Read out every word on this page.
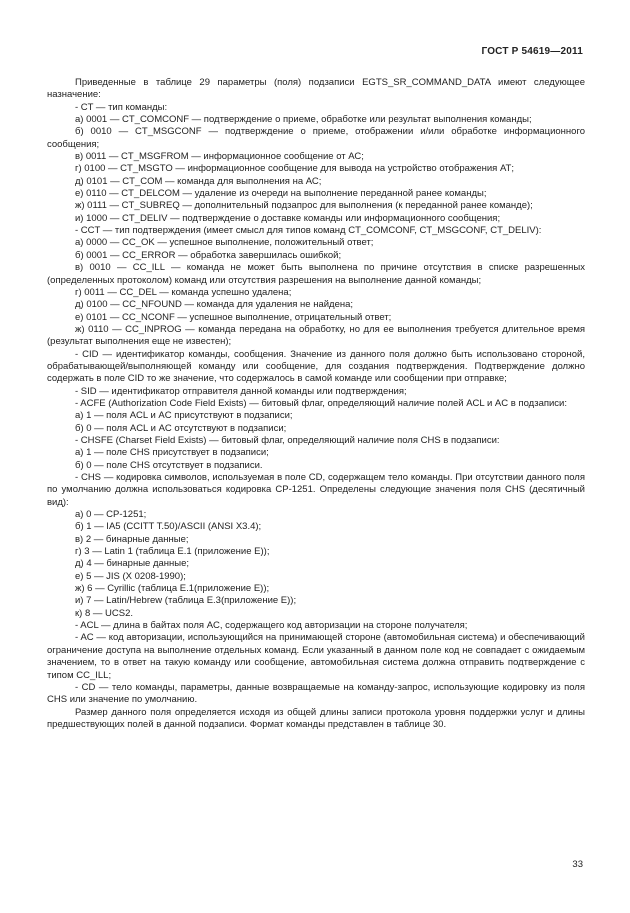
ГОСТ Р 54619—2011

Приведенные в таблице 29 параметры (поля) подзаписи EGTS_SR_COMMAND_DATA имеют следующее назначение:

- CT — тип команды:

а) 0001 — CT_COMCONF — подтверждение о приеме, обработке или результат выполнения команды;

б) 0010 — CT_MSGCONF — подтверждение о приеме, отображении и/или обработке информационного сообщения;

в) 0011 — CT_MSGFROM — информационное сообщение от АС;

г) 0100 — CT_MSGTO — информационное сообщение для вывода на устройство отображения АТ;

д) 0101 — CT_COM — команда для выполнения на АС;

е) 0110 — CT_DELCOM — удаление из очереди на выполнение переданной ранее команды;

ж) 0111 — CT_SUBREQ — дополнительный подзапрос для выполнения (к переданной ранее команде);

и) 1000 — CT_DELIV — подтверждение о доставке команды или информационного сообщения;

- CCT — тип подтверждения (имеет смысл для типов команд CT_COMCONF, CT_MSGCONF, CT_DELIV):

а) 0000 — CC_OK — успешное выполнение, положительный ответ;

б) 0001 — CC_ERROR — обработка завершилась ошибкой;

в) 0010 — CC_ILL — команда не может быть выполнена по причине отсутствия в списке разрешенных (определенных протоколом) команд или отсутствия разрешения на выполнение данной команды;

г) 0011 — CC_DEL — команда успешно удалена;

д) 0100 — CC_NFOUND — команда для удаления не найдена;

е) 0101 — CC_NCONF — успешное выполнение, отрицательный ответ;

ж) 0110 — CC_INPROG — команда передана на обработку, но для ее выполнения требуется длительное время (результат выполнения еще не известен);

- CID — идентификатор команды, сообщения. Значение из данного поля должно быть использовано стороной, обрабатывающей/выполняющей команду или сообщение, для создания подтверждения. Подтверждение должно содержать в поле CID то же значение, что содержалось в самой команде или сообщении при отправке;

- SID — идентификатор отправителя данной команды или подтверждения;

- ACFE (Authorization Code Field Exists) — битовый флаг, определяющий наличие полей ACL и AC в подзаписи:

а) 1 — поля ACL и AC присутствуют в подзаписи;

б) 0 — поля ACL и AC отсутствуют в подзаписи;

- CHSFE (Charset Field Exists) — битовый флаг, определяющий наличие поля CHS в подзаписи:

а) 1 — поле CHS присутствует в подзаписи;

б) 0 — поле CHS отсутствует в подзаписи.

- CHS — кодировка символов, используемая в поле CD, содержащем тело команды. При отсутствии данного поля по умолчанию должна использоваться кодировка CP-1251. Определены следующие значения поля CHS (десятичный вид):

а) 0 — CP-1251;

б) 1 — IA5 (CCITT T.50)/ASCII (ANSI X3.4);

в) 2 — бинарные данные;

г) 3 — Latin 1 (таблица Е.1 (приложение Е));

д) 4 — бинарные данные;

е) 5 — JIS (X 0208-1990);

ж) 6 — Cyrillic (таблица Е.1(приложение Е));

и) 7 — Latin/Hebrew (таблица Е.3(приложение Е));

к) 8 — UCS2.

- ACL — длина в байтах поля AC, содержащего код авторизации на стороне получателя;

- AC — код авторизации, использующийся на принимающей стороне (автомобильная система) и обеспечивающий ограничение доступа на выполнение отдельных команд. Если указанный в данном поле код не совпадает с ожидаемым значением, то в ответ на такую команду или сообщение, автомобильная система должна отправить подтверждение с типом CC_ILL;

- CD — тело команды, параметры, данные возвращаемые на команду-запрос, использующие кодировку из поля CHS или значение по умолчанию.

Размер данного поля определяется исходя из общей длины записи протокола уровня поддержки услуг и длины предшествующих полей в данной подзаписи. Формат команды представлен в таблице 30.

33
